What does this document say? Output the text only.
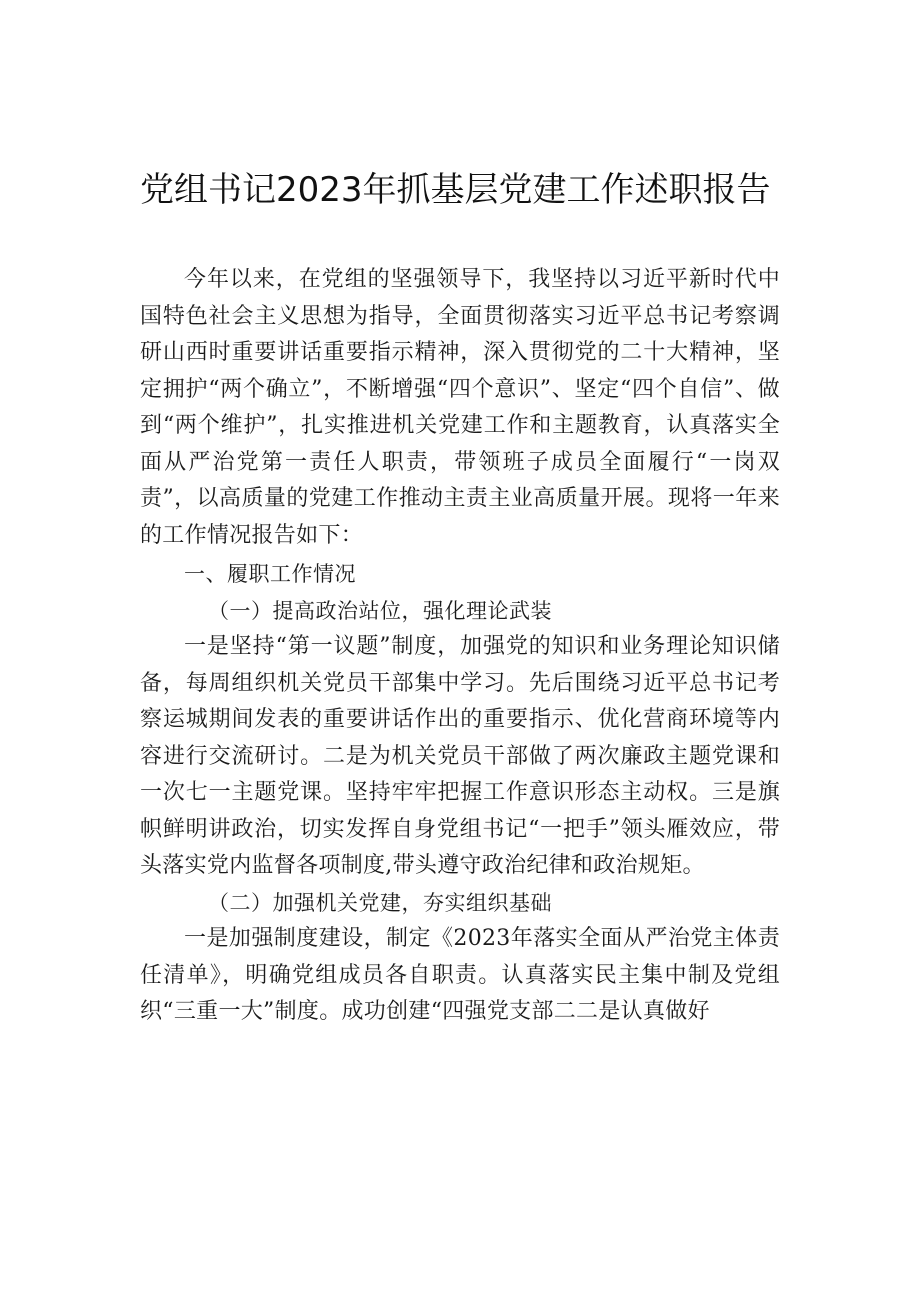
党组书记2023年抓基层党建工作述职报告

今年以来，在党组的坚强领导下，我坚持以习近平新时代中国特色社会主义思想为指导，全面贯彻落实习近平总书记考察调研山西时重要讲话重要指示精神，深入贯彻党的二十大精神，坚定拥护“两个确立”，不断增强“四个意识”、坚定“四个自信”、做到“两个维护”，扎实推进机关党建工作和主题教育，认真落实全面从严治党第一责任人职责，带领班子成员全面履行“一岗双责”，以高质量的党建工作推动主责主业高质量开展。现将一年来的工作情况报告如下：

一、履职工作情况

（一）提高政治站位，强化理论武装

一是坚持“第一议题”制度，加强党的知识和业务理论知识储备，每周组织机关党员干部集中学习。先后围绕习近平总书记考察运城期间发表的重要讲话作出的重要指示、优化营商环境等内容进行交流研讨。二是为机关党员干部做了两次廉政主题党课和一次七一主题党课。坚持牢牢把握工作意识形态主动权。三是旗帜鲜明讲政治，切实发挥自身党组书记“一把手”领头雁效应，带头落实党内监督各项制度,带头遵守政治纪律和政治规矩。

（二）加强机关党建，夯实组织基础

一是加强制度建设，制定《2023年落实全面从严治党主体责任清单》，明确党组成员各自职责。认真落实民主集中制及党组织“三重一大”制度。成功创建“四强党支部二二是认真做好
